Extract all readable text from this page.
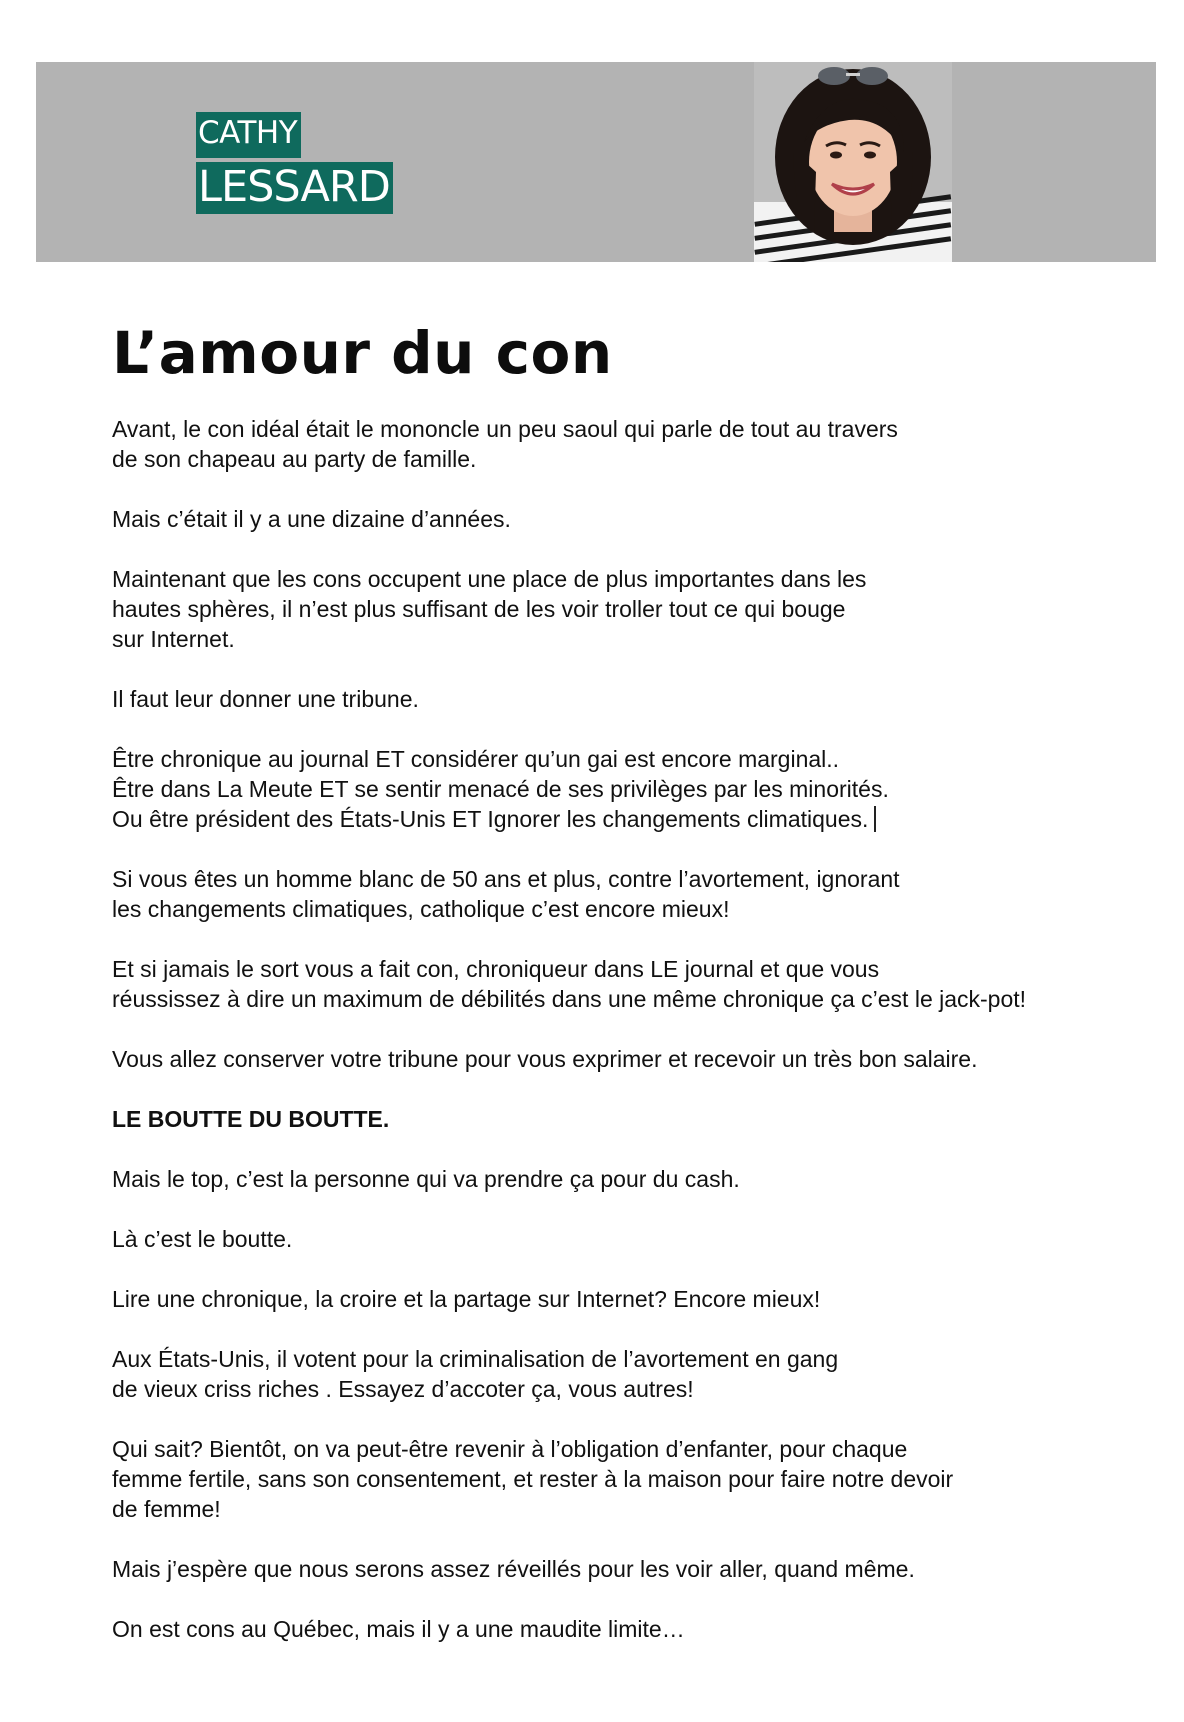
CATHY
LESSARD
L’amour du con

Avant, le con idéal était le mononcle un peu saoul qui parle de tout au travers
de son chapeau au party de famille.

Mais c’était il y a une dizaine d’années.

Maintenant que les cons occupent une place de plus importantes dans les
hautes sphères, il n’est plus suffisant de les voir troller tout ce qui bouge
sur Internet.

Il faut leur donner une tribune.

Être chronique au journal ET considérer qu’un gai est encore marginal..
Être dans La Meute ET se sentir menacé de ses privilèges par les minorités.
Ou être président des États-Unis ET Ignorer les changements climatiques.

Si vous êtes un homme blanc de 50 ans et plus, contre l’avortement, ignorant
les changements climatiques, catholique c’est encore mieux!

Et si jamais le sort vous a fait con, chroniqueur dans LE journal et que vous
réussissez à dire un maximum de débilités dans une même chronique ça c’est le jack-pot!

Vous allez conserver votre tribune pour vous exprimer et recevoir un très bon salaire.

LE BOUTTE DU BOUTTE.

Mais le top, c’est la personne qui va prendre ça pour du cash.

Là c’est le boutte.

Lire une chronique, la croire et la partage sur Internet? Encore mieux!

Aux États-Unis, il votent pour la criminalisation de l’avortement en gang
de vieux criss riches . Essayez d’accoter ça, vous autres!

Qui sait? Bientôt, on va peut-être revenir à l’obligation d’enfanter, pour chaque
femme fertile, sans son consentement, et rester à la maison pour faire notre devoir
de femme!

Mais j’espère que nous serons assez réveillés pour les voir aller, quand même.

On est cons au Québec, mais il y a une maudite limite…
